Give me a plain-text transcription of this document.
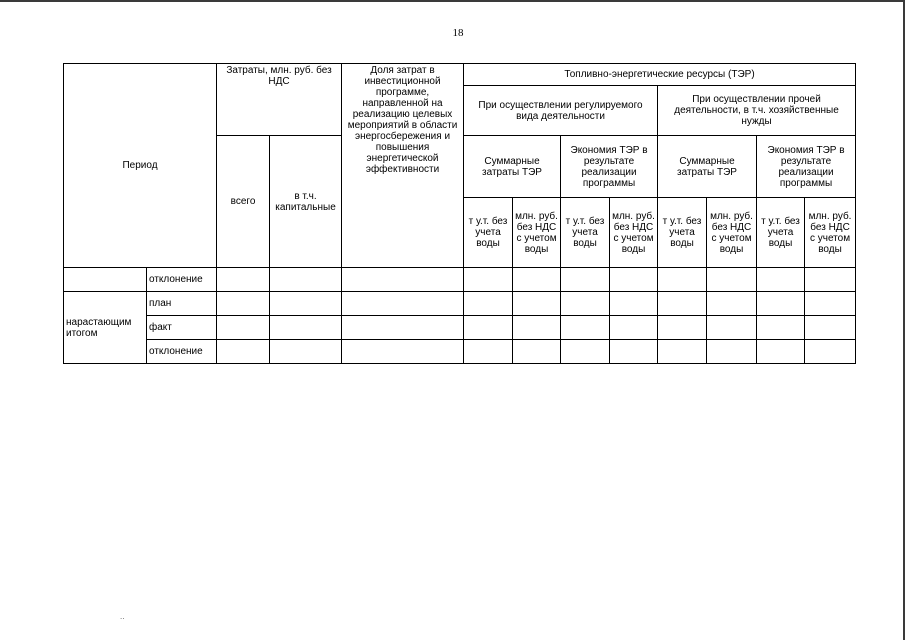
18
Период		Затраты, млн. руб. без НДС		Доля затрат в инвестиционной программе, направленной на реализацию целевых мероприятий в области энергосбережения и повышения энергетической эффективности	Топливно-энергетические ресурсы (ТЭР)							
					При осуществлении регулируемого вида деятельности				При осуществлении прочей деятельности, в т.ч. хозяйственные нужды			
		всего	в т.ч. капитальные		Суммарные затраты ТЭР		Экономия ТЭР в результате реализации программы		Суммарные затраты ТЭР		Экономия ТЭР в результате реализации программы	
					т у.т. без учета воды	млн. руб. без НДС с учетом воды	т у.т. без учета воды	млн. руб. без НДС с учетом воды	т у.т. без учета воды	млн. руб. без НДС с учетом воды	т у.т. без учета воды	млн. руб. без НДС с учетом воды
	отклонение											
нарастающим итогом	план											
	факт											
	отклонение											
..
